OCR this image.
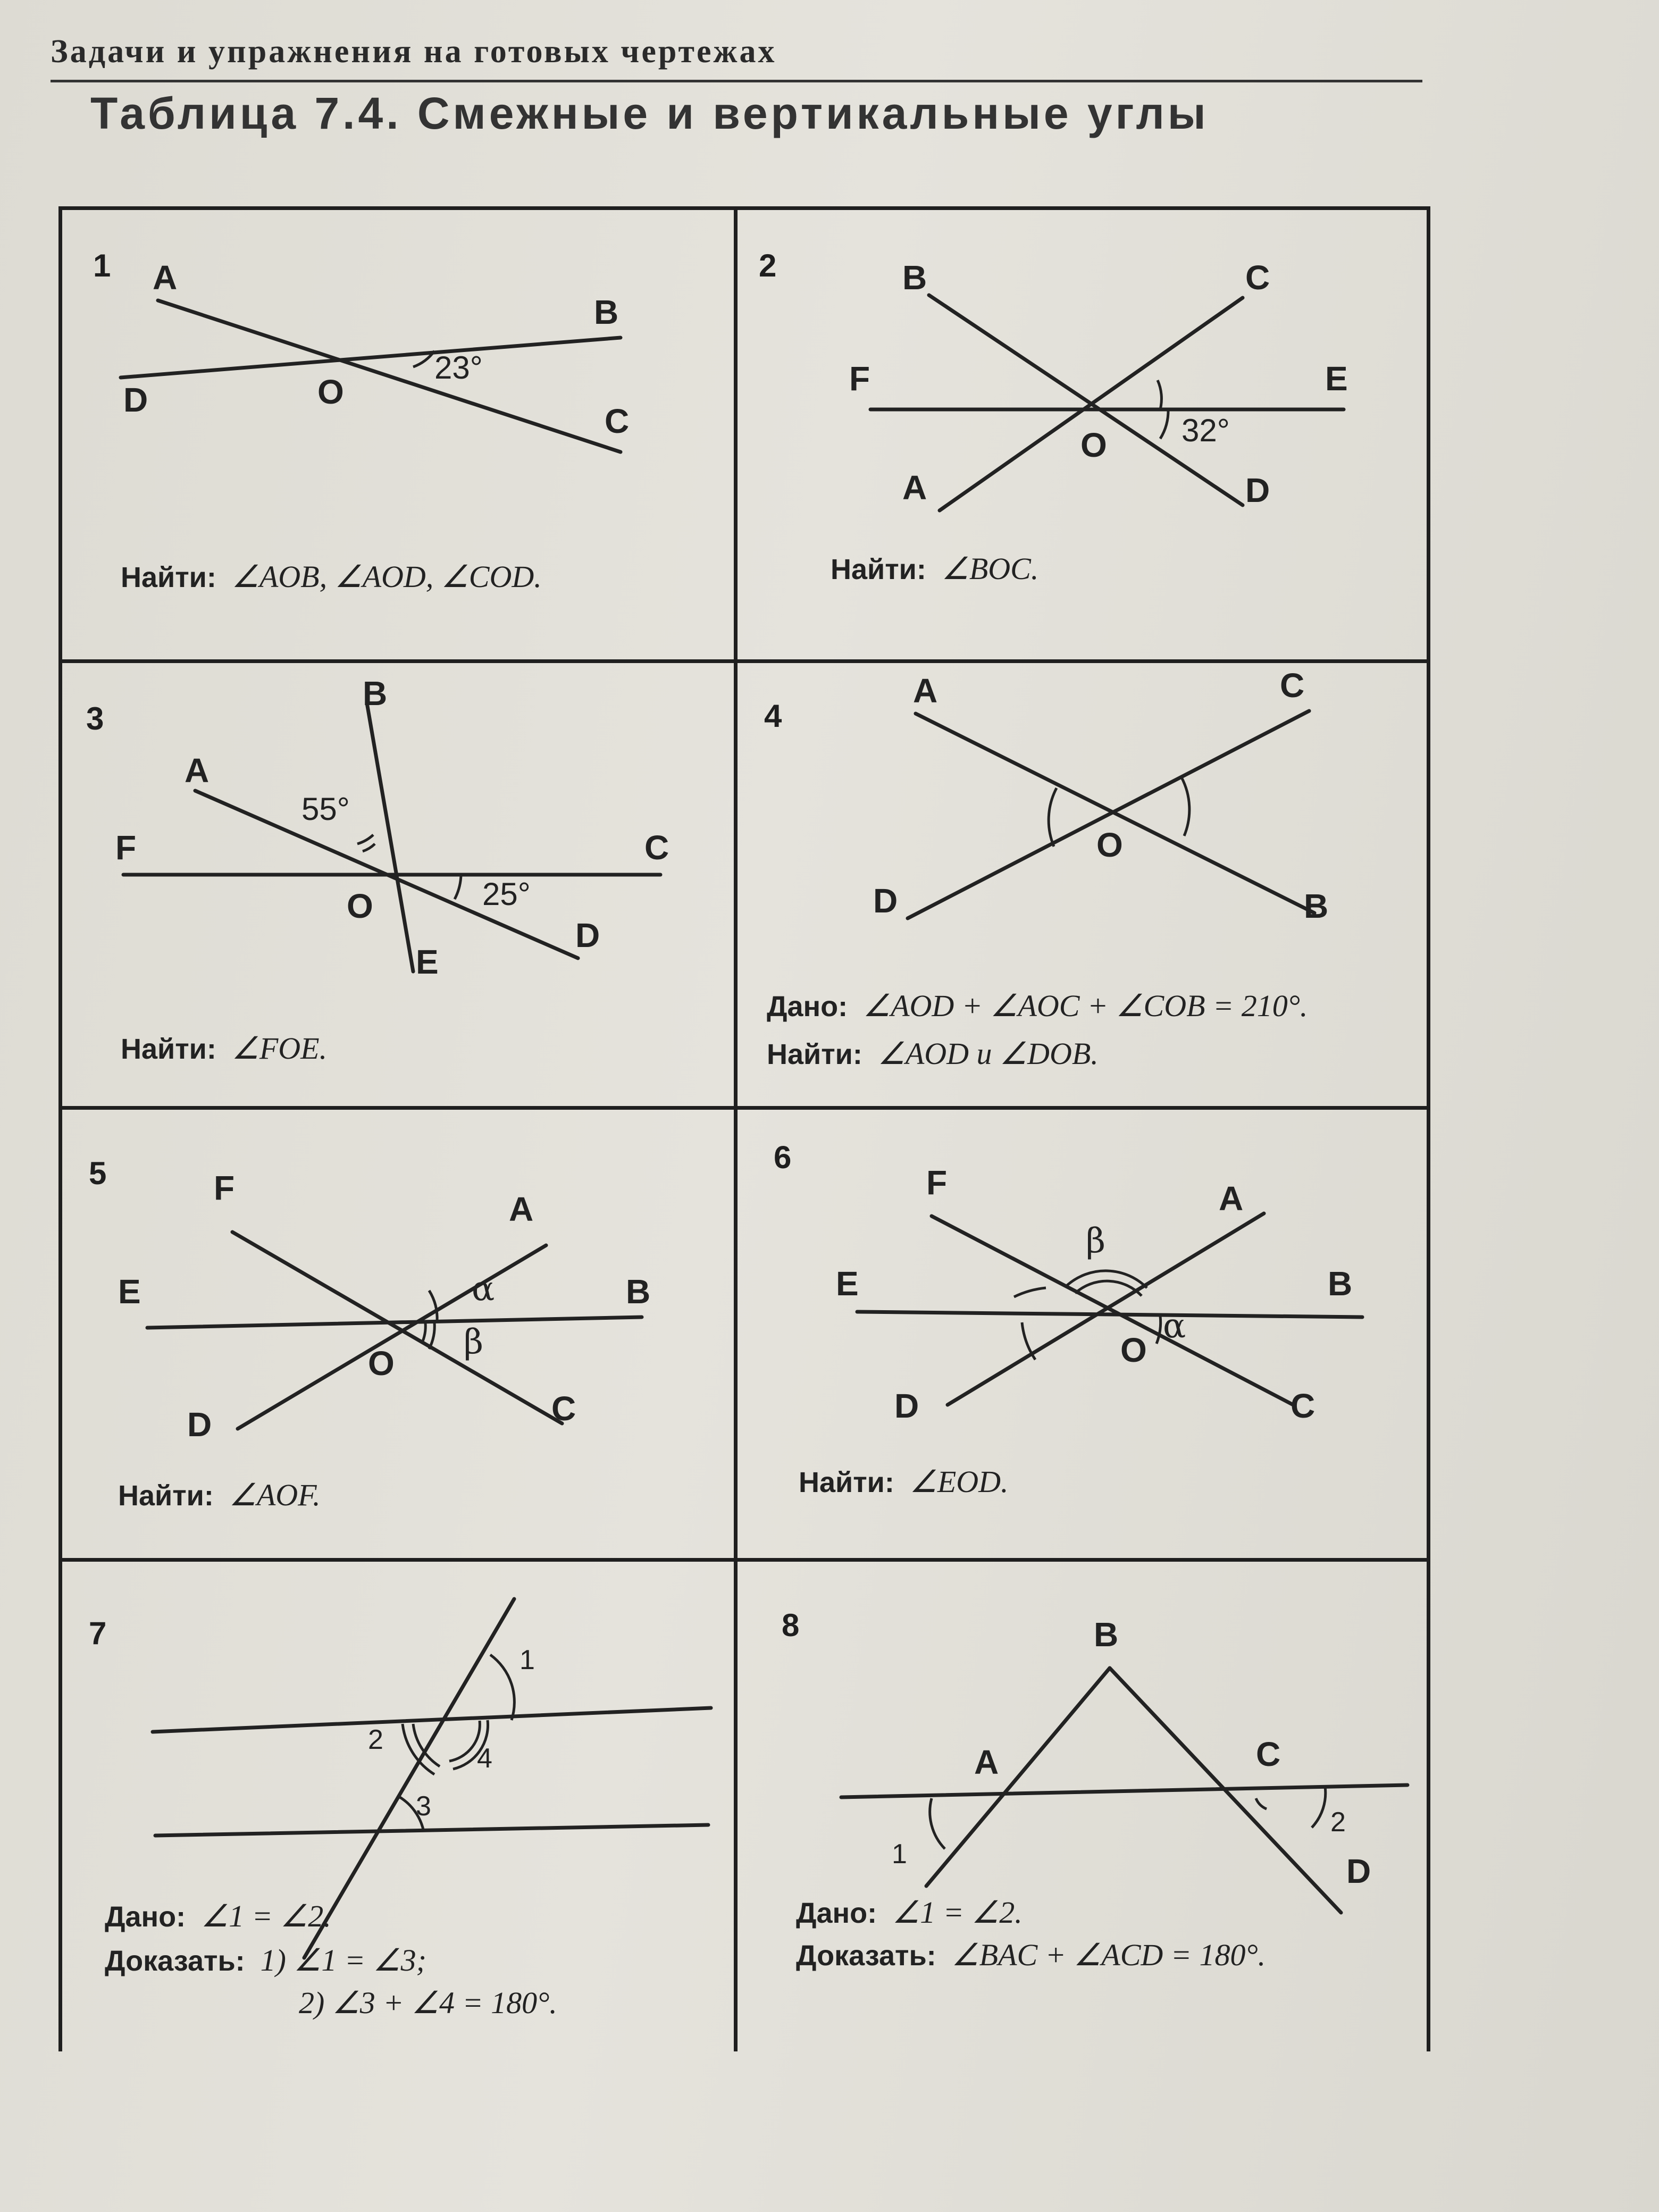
Задачи и упражнения на готовых чертежах
Таблица 7.4. Смежные и вертикальные углы
1 A
B
C
D	O
23°
Найти: ∠AOB, ∠AOD, ∠COD.
2	B	C
F	E
O
A	D
32°
Найти: ∠BOC.
3
B
A
F	C
O
E
D
55°
25°
Найти: ∠FOE.
4
A	C
O
D	B
Дано: ∠AOD + ∠AOC + ∠COB = 210°.
Найти: ∠AOD и ∠DOB.
5	F
A
E	B
O
D	C
α
β
Найти: ∠AOF.
6
F	A
β
E	B
O
α
D	C
Найти: ∠EOD.
7
1
2
4
3
Дано: ∠1 = ∠2.
Доказать: 1) ∠1 = ∠3;
2) ∠3 + ∠4 = 180°.
8	B
A	C
1
2
D
Дано: ∠1 = ∠2.
Доказать: ∠BAC + ∠ACD = 180°.
